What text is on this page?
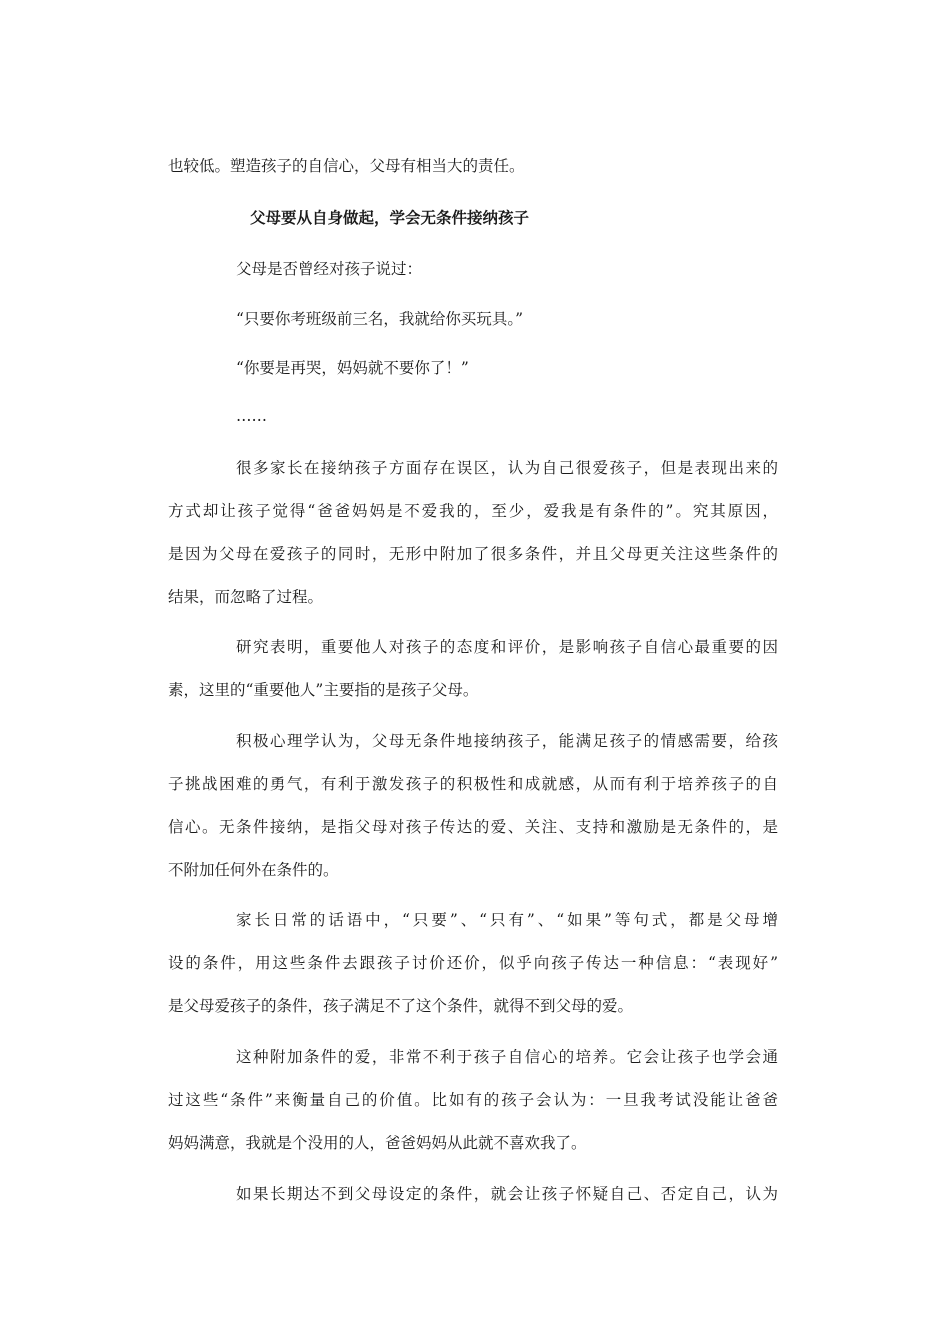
也较低。塑造孩子的自信心，父母有相当大的责任。
父母要从自身做起，学会无条件接纳孩子
父母是否曾经对孩子说过：
“只要你考班级前三名，我就给你买玩具。”
“你要是再哭，妈妈就不要你了！”
……
很多家长在接纳孩子方面存在误区，认为自己很爱孩子，但是表现出来的
方式却让孩子觉得“爸爸妈妈是不爱我的，至少，爱我是有条件的”。究其原因，
是因为父母在爱孩子的同时，无形中附加了很多条件，并且父母更关注这些条件的
结果，而忽略了过程。
研究表明，重要他人对孩子的态度和评价，是影响孩子自信心最重要的因
素，这里的“重要他人”主要指的是孩子父母。
积极心理学认为，父母无条件地接纳孩子，能满足孩子的情感需要，给孩
子挑战困难的勇气，有利于激发孩子的积极性和成就感，从而有利于培养孩子的自
信心。无条件接纳，是指父母对孩子传达的爱、关注、支持和激励是无条件的，是
不附加任何外在条件的。
家长日常的话语中，“只要”、“只有”、“如果”等句式，都是父母增
设的条件，用这些条件去跟孩子讨价还价，似乎向孩子传达一种信息：“表现好”
是父母爱孩子的条件，孩子满足不了这个条件，就得不到父母的爱。
这种附加条件的爱，非常不利于孩子自信心的培养。它会让孩子也学会通
过这些“条件”来衡量自己的价值。比如有的孩子会认为：一旦我考试没能让爸爸
妈妈满意，我就是个没用的人，爸爸妈妈从此就不喜欢我了。
如果长期达不到父母设定的条件，就会让孩子怀疑自己、否定自己，认为
